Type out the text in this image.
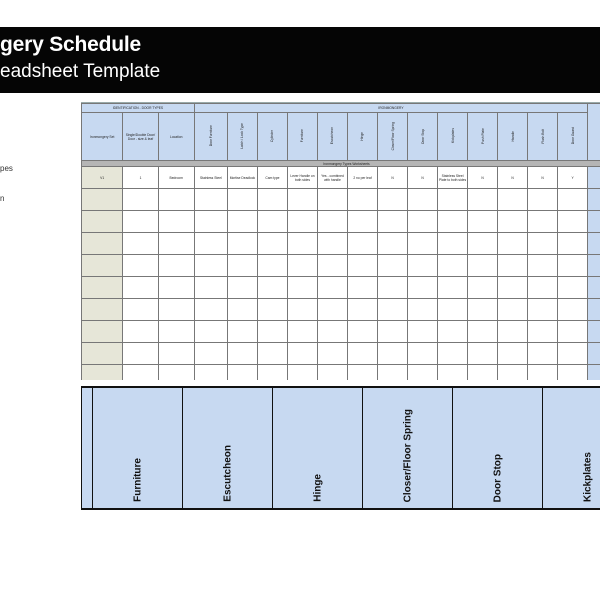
gery Schedule
eadsheet Template
pes
n
IDENTIFICATION - DOOR TYPES			IRONMONGERY													
Ironmongery Set	Single/Double Door/ Door - size & leaf	Location	Door Furniture	Latch / Lock Type	Cylinder	Furniture	Escutcheon	Hinge	Closer/Floor Spring	Door Stop	Kickplates	Push Plate	Handle	Flush Bolt	Door Guard	
Ironmongery Types Worksheets																
V1	1	Bedroom	Stainless Steel	Mortise Deadlock	Cam type	Lever Handle on both sides	Yes - combined with handle	2 no per leaf	N	N	Stainless Steel Plate to both sides	N	N	N	Y	

Furniture	Escutcheon	Hinge	Closer/Floor Spring	Door Stop	Kickplates
